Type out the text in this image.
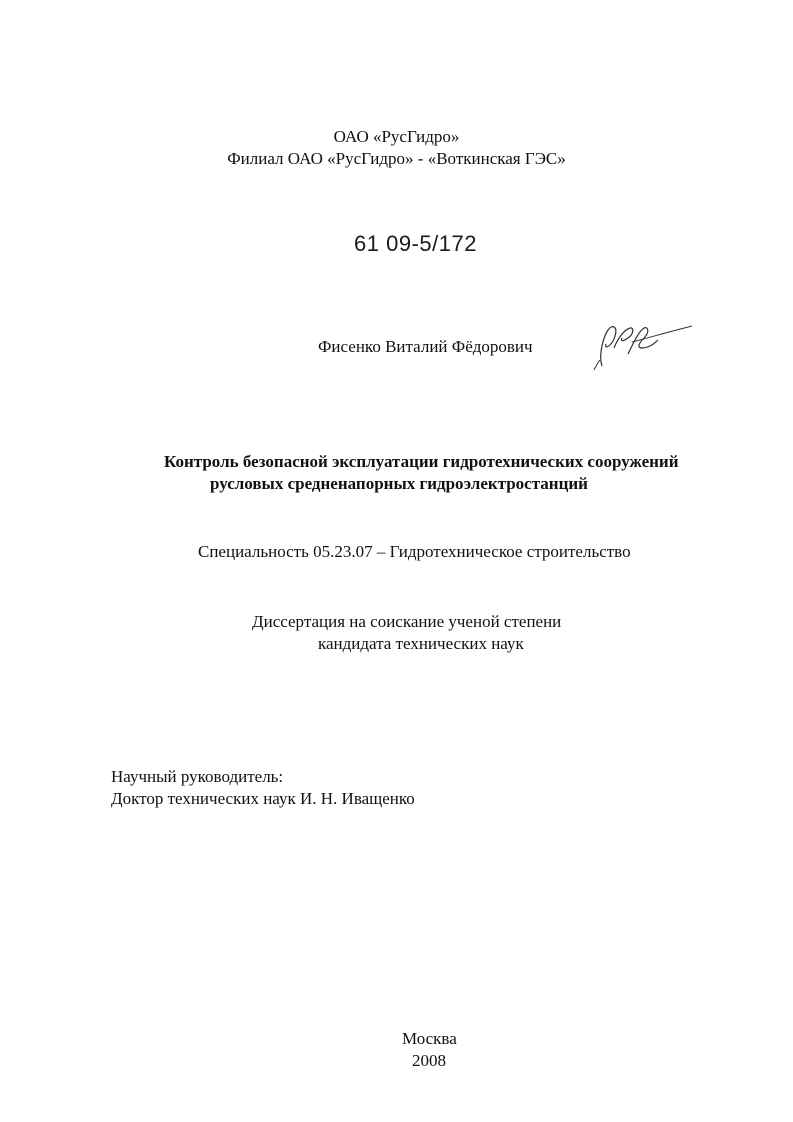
ОАО «РусГидро»
Филиал ОАО «РусГидро» - «Воткинская ГЭС»
61 09-5/172
Фисенко Виталий Фёдорович
Контроль безопасной эксплуатации гидротехнических сооружений
русловых средненапорных гидроэлектростанций
Специальность 05.23.07 – Гидротехническое строительство
Диссертация на соискание ученой степени
кандидата технических наук
Научный руководитель:
Доктор технических наук И. Н. Иващенко
Москва
2008
